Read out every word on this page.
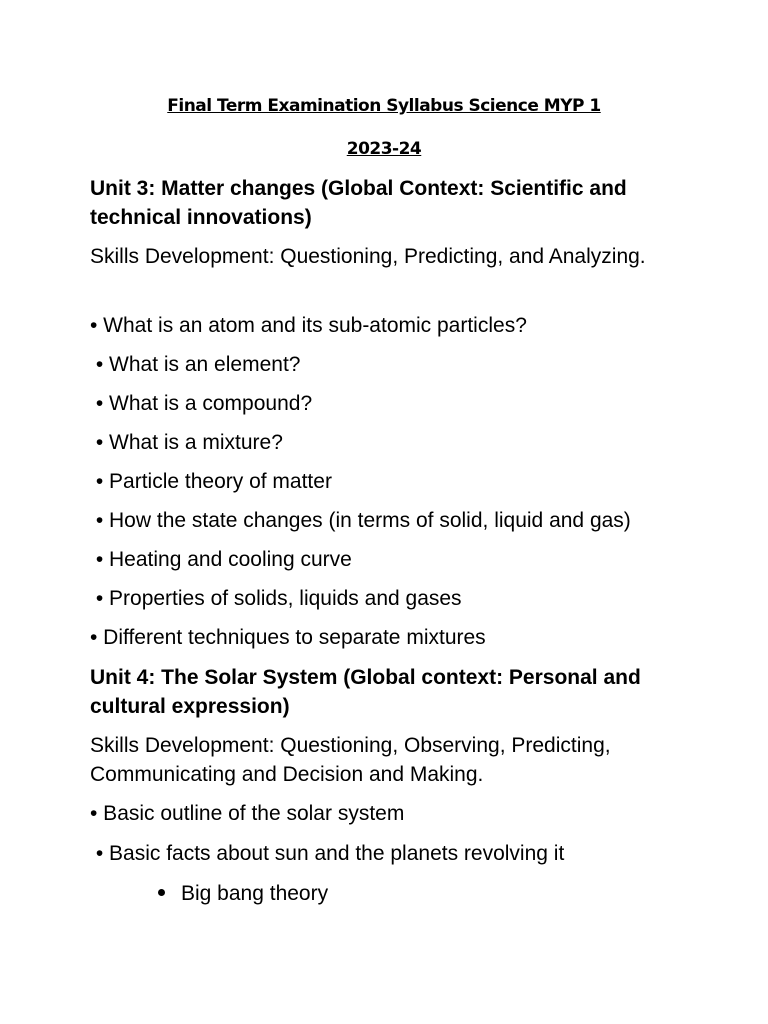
Final Term Examination Syllabus Science MYP 1
2023-24
Unit 3: Matter changes (Global Context: Scientific and technical innovations)
Skills Development: Questioning, Predicting, and Analyzing.
• What is an atom and its sub-atomic particles?
• What is an element?
• What is a compound?
• What is a mixture?
• Particle theory of matter
• How the state changes (in terms of solid, liquid and gas)
• Heating and cooling curve
• Properties of solids, liquids and gases
• Different techniques to separate mixtures
Unit 4: The Solar System (Global context: Personal and cultural expression)
Skills Development: Questioning, Observing, Predicting, Communicating and Decision and Making.
• Basic outline of the solar system
• Basic facts about sun and the planets revolving it
Big bang theory
